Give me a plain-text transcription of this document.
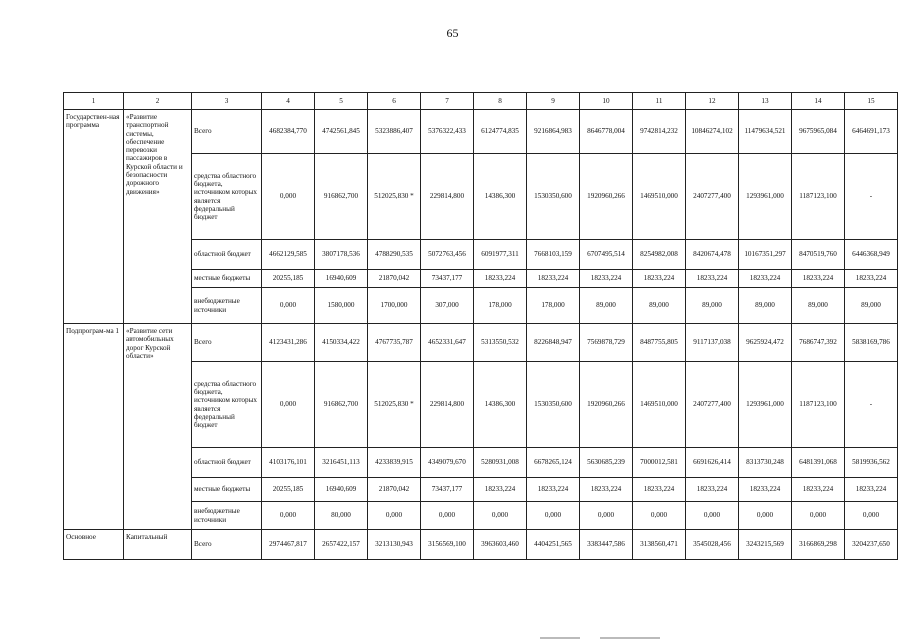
65
1	2	3	4	5	6	7	8	9	10	11	12	13	14	15
Государствен-ная программа	«Развитие транспортной системы, обеспечение перевозки пассажиров в Курской области и безопасности дорожного движения»	Всего	4682384,770	4742561,845	5323886,407	5376322,433	6124774,835	9216864,983	8646778,004	9742814,232	10846274,102	11479634,521	9675965,084	6464691,173
		средства областного бюджета, источником которых является федеральный бюджет	0,000	916862,700	512025,830 *	229814,800	14386,300	1530350,600	1920960,266	1469510,000	2407277,400	1293961,000	1187123,100	-
		областной бюджет	4662129,585	3807178,536	4788290,535	5072763,456	6091977,311	7668103,159	6707495,514	8254982,008	8420674,478	10167351,297	8470519,760	6446368,949
		местные бюджеты	20255,185	16940,609	21870,042	73437,177	18233,224	18233,224	18233,224	18233,224	18233,224	18233,224	18233,224	18233,224
		внебюджетные источники	0,000	1580,000	1700,000	307,000	178,000	178,000	89,000	89,000	89,000	89,000	89,000	89,000
Подпрограм-ма 1	«Развитие сети автомобильных дорог Курской области»	Всего	4123431,286	4150334,422	4767735,787	4652331,647	5313550,532	8226848,947	7569878,729	8487755,805	9117137,038	9625924,472	7686747,392	5838169,786
		средства областного бюджета, источником которых является федеральный бюджет	0,000	916862,700	512025,830 *	229814,800	14386,300	1530350,600	1920960,266	1469510,000	2407277,400	1293961,000	1187123,100	-
		областной бюджет	4103176,101	3216451,113	4233839,915	4349079,670	5280931,008	6678265,124	5630685,239	7000012,581	6691626,414	8313730,248	6481391,068	5819936,562
		местные бюджеты	20255,185	16940,609	21870,042	73437,177	18233,224	18233,224	18233,224	18233,224	18233,224	18233,224	18233,224	18233,224
		внебюджетные источники	0,000	80,000	0,000	0,000	0,000	0,000	0,000	0,000	0,000	0,000	0,000	0,000
Основное	Капитальный	Всего	2974467,817	2657422,157	3213130,943	3156569,100	3963603,460	4404251,565	3383447,586	3138560,471	3545028,456	3243215,569	3166869,298	3204237,650
